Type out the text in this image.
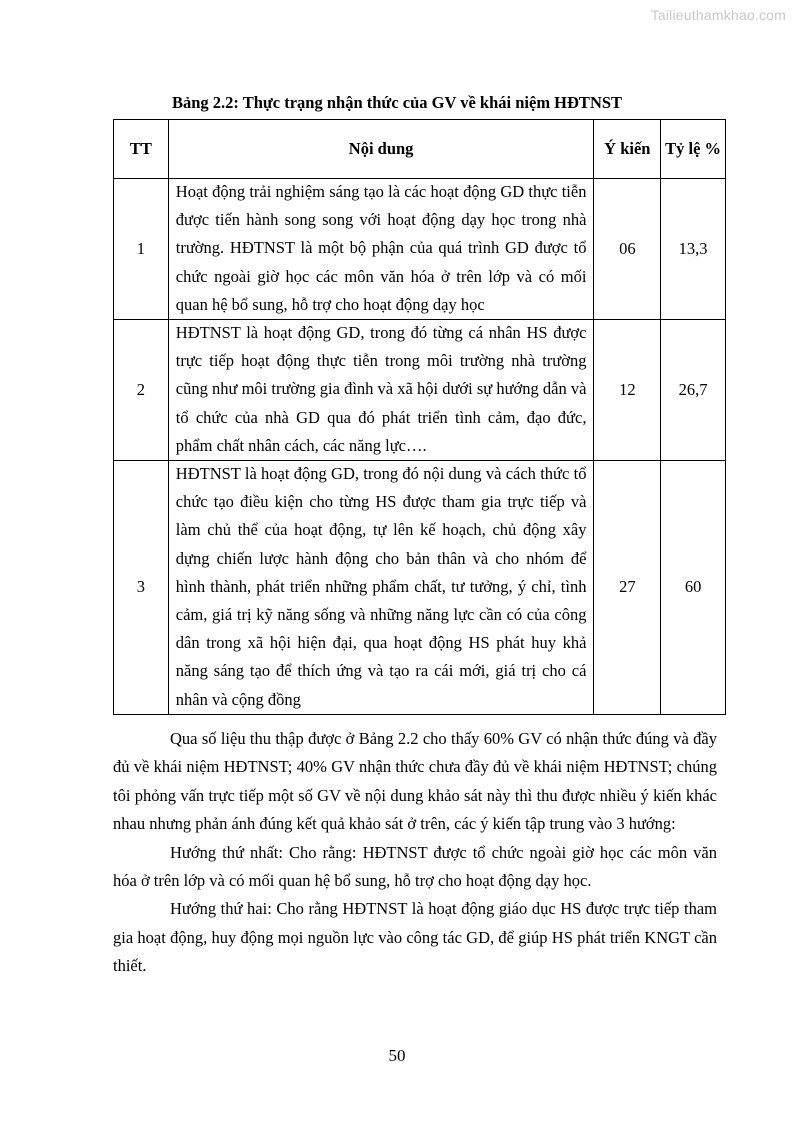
Tailieuthamkhao.com
Bảng 2.2: Thực trạng nhận thức của GV về khái niệm HĐTNST
TT	Nội dung	Ý kiến	Tỷ lệ %
1	Hoạt động trải nghiệm sáng tạo là các hoạt động GD thực tiễn được tiến hành song song với hoạt động dạy học trong nhà trường. HĐTNST là một bộ phận của quá trình GD được tổ chức ngoài giờ học các môn văn hóa ở trên lớp và có mối quan hệ bổ sung, hỗ trợ cho hoạt động dạy học	06	13,3
2	HĐTNST là hoạt động GD, trong đó từng cá nhân HS được trực tiếp hoạt động thực tiễn trong môi trường nhà trường cũng như môi trường gia đình và xã hội dưới sự hướng dẫn và tổ chức của nhà GD qua đó phát triển tình cảm, đạo đức, phẩm chất nhân cách, các năng lực….	12	26,7
3	HĐTNST là hoạt động GD, trong đó nội dung và cách thức tổ chức tạo điều kiện cho từng HS được tham gia trực tiếp và làm chủ thể của hoạt động, tự lên kế hoạch, chủ động xây dựng chiến lược hành động cho bản thân và cho nhóm để hình thành, phát triển những phẩm chất, tư tưởng, ý chỉ, tình cảm, giá trị kỹ năng sống và những năng lực cần có của công dân trong xã hội hiện đại, qua hoạt động HS phát huy khả năng sáng tạo để thích ứng và tạo ra cái mới, giá trị cho cá nhân và cộng đồng	27	60

Qua số liệu thu thập được ở Bảng 2.2 cho thấy 60% GV có nhận thức đúng và đầy đủ về khái niệm HĐTNST; 40% GV nhận thức chưa đầy đủ về khái niệm HĐTNST; chúng tôi phỏng vấn trực tiếp một số GV về nội dung khảo sát này thì thu được nhiều ý kiến khác nhau nhưng phản ánh đúng kết quả khảo sát ở trên, các ý kiến tập trung vào 3 hướng:

Hướng thứ nhất: Cho rằng: HĐTNST được tổ chức ngoài giờ học các môn văn hóa ở trên lớp và có mối quan hệ bổ sung, hỗ trợ cho hoạt động dạy học.

Hướng thứ hai: Cho rằng HĐTNST là hoạt động giáo dục HS được trực tiếp tham gia hoạt động, huy động mọi nguồn lực vào công tác GD, để giúp HS phát triển KNGT cần thiết.

50
